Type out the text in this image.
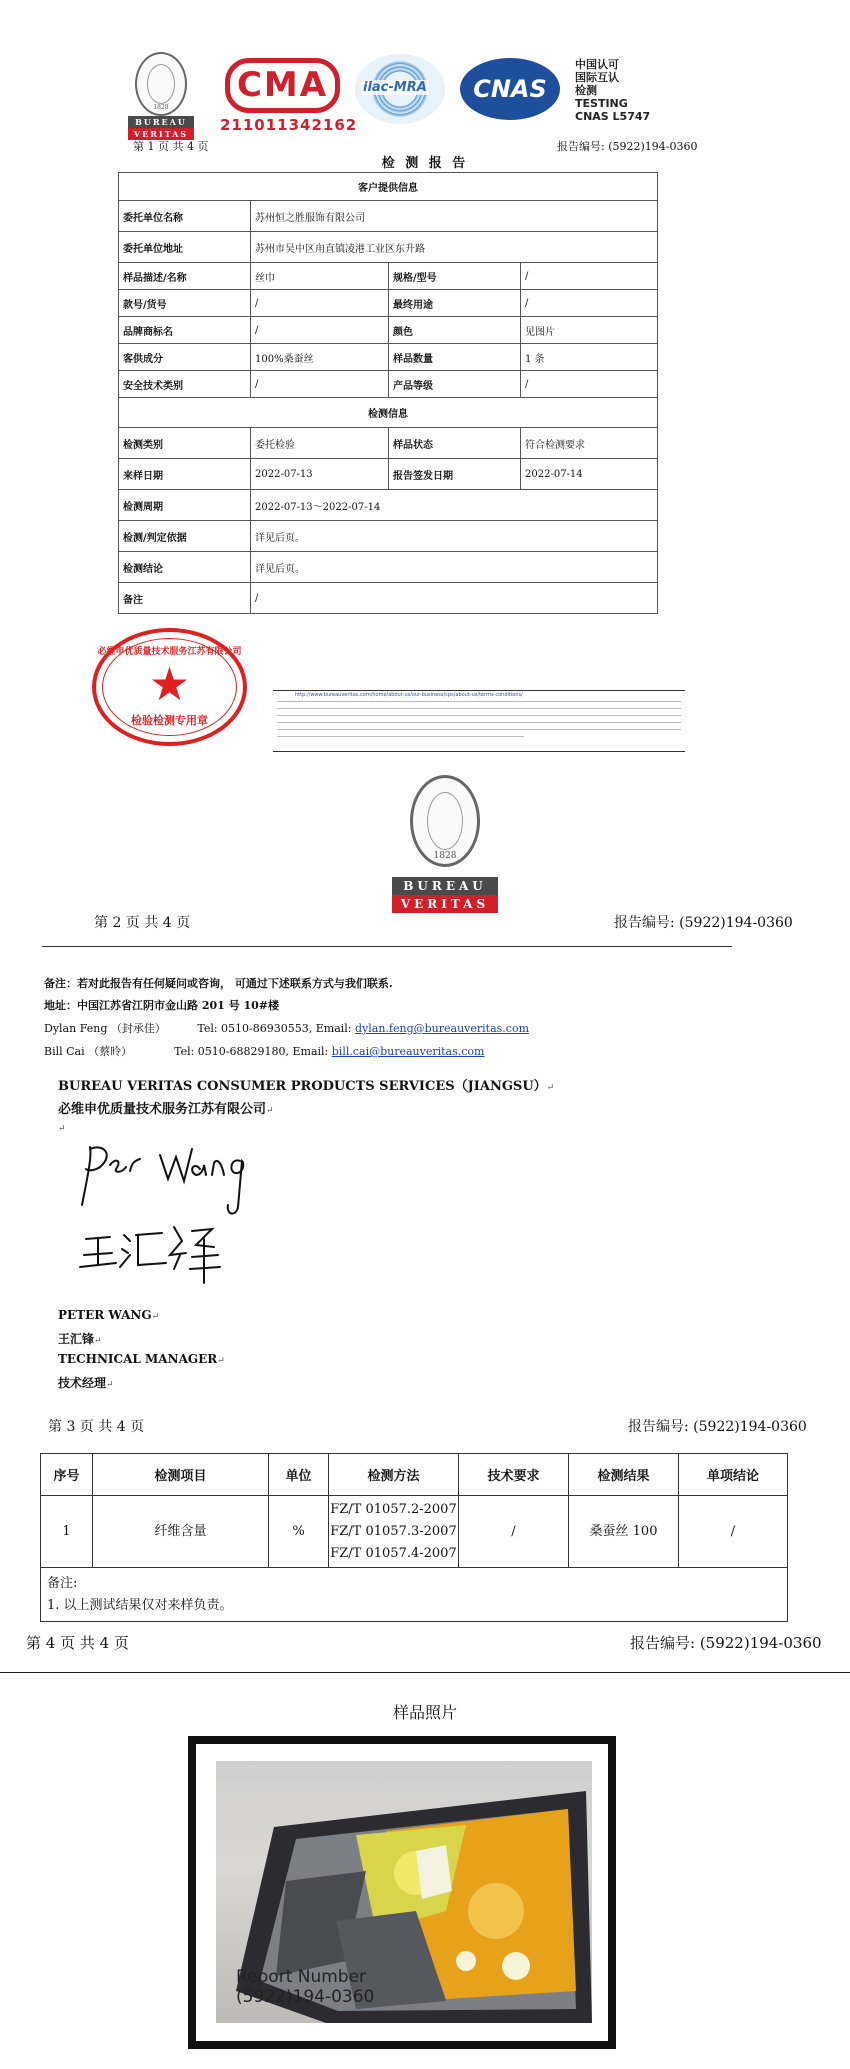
1828
BUREAU
VERITAS
CMA
211011342162
ilac-MRA	CNAS
中国认可
国际互认
检测
TESTING
CNAS L5747
第 1 页 共 4 页	报告编号: (5922)194-0360
检 测 报 告
客户提供信息			
委托单位名称	苏州恒之胜服饰有限公司		
委托单位地址	苏州市吴中区甪直镇凌港工业区东升路		
样品描述/名称	丝巾	规格/型号	/
款号/货号	/	最终用途	/
品牌商标名	/	颜色	见图片
客供成分	100%桑蚕丝	样品数量	1 条
安全技术类别	/	产品等级	/
检测信息			
检测类别	委托检验	样品状态	符合检测要求
来样日期	2022-07-13	报告签发日期	2022-07-14
检测周期	2022-07-13～2022-07-14		
检测/判定依据	详见后页。		
检测结论	详见后页。		
备注	/		
必维申优质量技术服务江苏有限公司
★
检验检测专用章
http://www.bureauveritas.com/home/about-us/our-business/cps/about-us/terms-conditions/
1828
BUREAU
VERITAS
第 2 页 共 4 页	报告编号: (5922)194-0360
备注：若对此报告有任何疑问或咨询， 可通过下述联系方式与我们联系.
地址：中国江苏省江阴市金山路 201 号 10#楼
Dylan Feng （封承佳）	Tel: 0510-86930553, Email: dylan.feng@bureauveritas.com
Bill Cai （蔡昤）	Tel: 0510-68829180, Email: bill.cai@bureauveritas.com
BUREAU VERITAS CONSUMER PRODUCTS SERVICES（JIANGSU）↵
必维申优质量技术服务江苏有限公司↵
↵
PETER WANG↵
王汇锋↵
TECHNICAL MANAGER↵
技术经理↵
第 3 页 共 4 页	报告编号: (5922)194-0360
序号	检测项目	单位	检测方法	技术要求	检测结果	单项结论
1	纤维含量	%	FZ/T 01057.2-2007
FZ/T 01057.3-2007
FZ/T 01057.4-2007	/	桑蚕丝 100	/

备注:
1. 以上测试结果仅对来样负责。						
第 4 页 共 4 页	报告编号: (5922)194-0360
样品照片
Report Number
(5922)194-0360
